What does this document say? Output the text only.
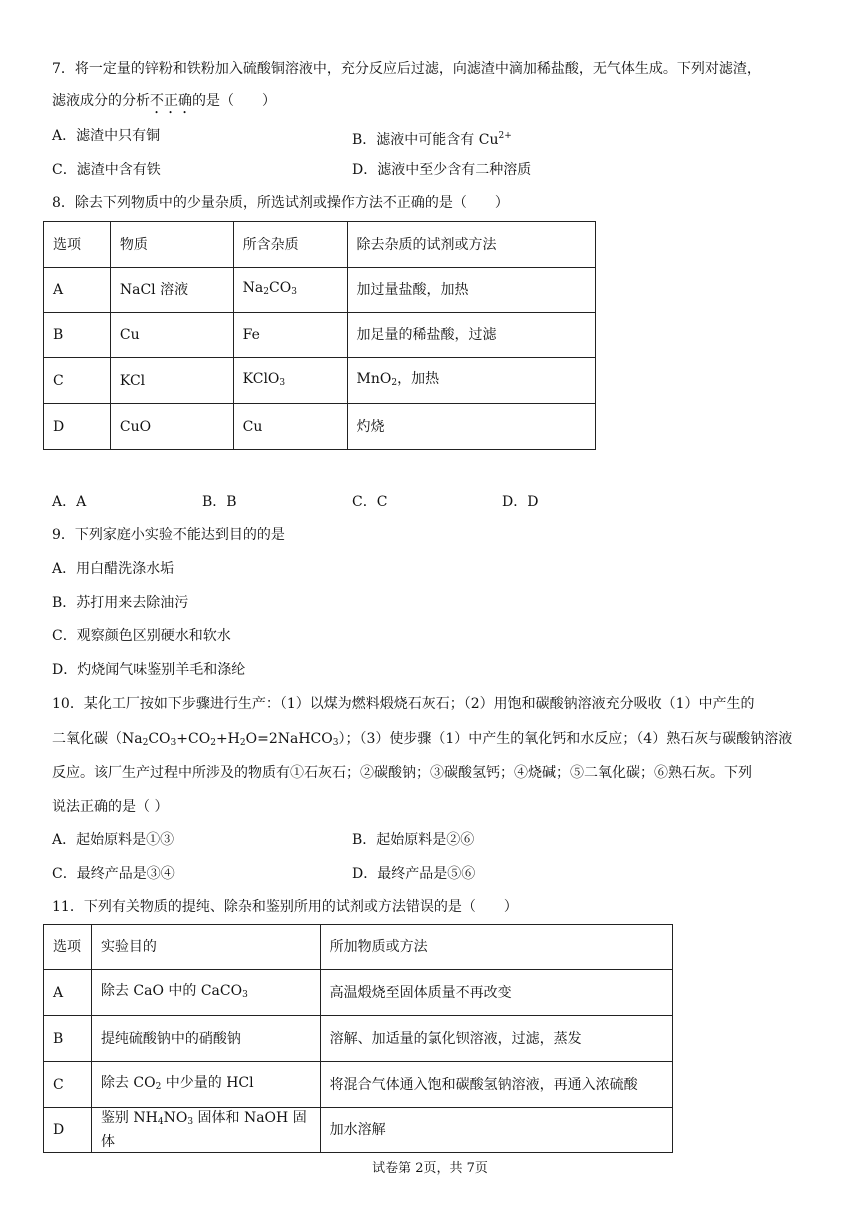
7．将一定量的锌粉和铁粉加入硫酸铜溶液中，充分反应后过滤，向滤渣中滴加稀盐酸，无气体生成。下列对滤渣，
滤液成分的分析不正确的是（　　）
A．滤渣中只有铜	B．滤液中可能含有 $Cu^{2+}$
C．滤渣中含有铁	D．滤液中至少含有二种溶质
8．除去下列物质中的少量杂质，所选试剂或操作方法不正确的是（　　）
选项	物质	所含杂质	除去杂质的试剂或方法
A	NaCl 溶液	$Na_2CO_3$	加过量盐酸，加热
B	Cu	Fe	加足量的稀盐酸，过滤
C	KCl	KClO$_3$	MnO$_2$，加热
D	CuO	Cu	灼烧
A．A	B．B	C．C	D．D
9．下列家庭小实验不能达到目的的是
A．用白醋洗涤水垢
B．苏打用来去除油污
C．观察颜色区别硬水和软水
D．灼烧闻气味鉴别羊毛和涤纶
10．某化工厂按如下步骤进行生产：（1）以煤为燃料煅烧石灰石；（2）用饱和碳酸钠溶液充分吸收（1）中产生的
二氧化碳$(Na_2CO_3+CO_2+H_2O=2NaHCO_3)$；（3）使步骤（1）中产生的氧化钙和水反应；（4）熟石灰与碳酸钠溶液
反应。该厂生产过程中所涉及的物质有①石灰石；②碳酸钠；③碳酸氢钙；④烧碱；⑤二氧化碳；⑥熟石灰。下列
说法正确的是（ ）
A．起始原料是①③	B．起始原料是②⑥
C．最终产品是③④	D．最终产品是⑤⑥
11．下列有关物质的提纯、除杂和鉴别所用的试剂或方法错误的是（　　）
选项	实验目的	所加物质或方法
A	除去 CaO 中的 CaCO$_3$	高温煅烧至固体质量不再改变
B	提纯硫酸钠中的硝酸钠	溶解、加适量的氯化钡溶液，过滤，蒸发
C	除去 $CO_2$ 中少量的 HCl	将混合气体通入饱和碳酸氢钠溶液，再通入浓硫酸
D	鉴别 $NH_4NO_3$ 固体和 NaOH 固体	加水溶解
试卷第 2页，共 7页
